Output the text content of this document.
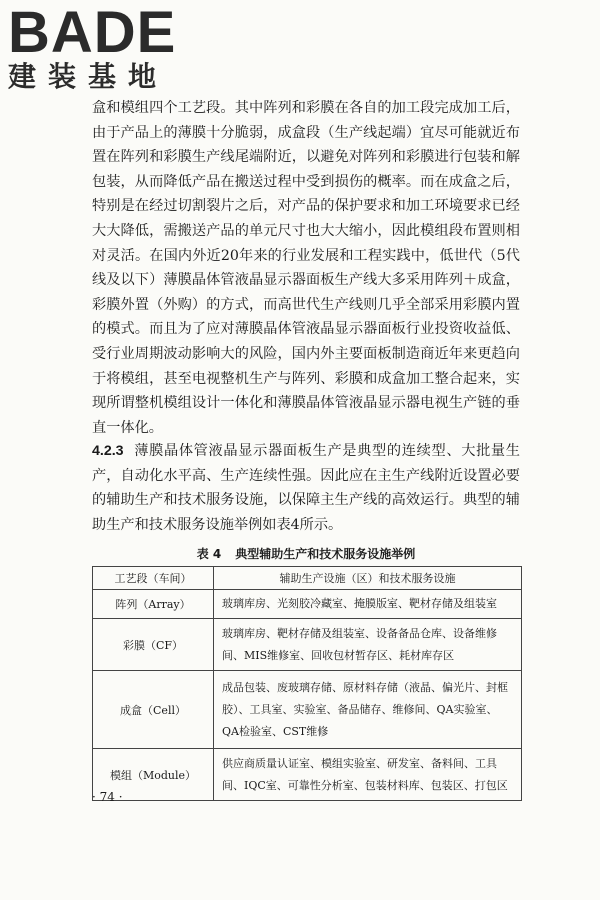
BADE
建装基地
盒和模组四个工艺段。其中阵列和彩膜在各自的加工段完成加工后，由于产品上的薄膜十分脆弱，成盒段（生产线起端）宜尽可能就近布置在阵列和彩膜生产线尾端附近，以避免对阵列和彩膜进行包装和解包装，从而降低产品在搬送过程中受到损伤的概率。而在成盒之后，特别是在经过切割裂片之后，对产品的保护要求和加工环境要求已经大大降低，需搬送产品的单元尺寸也大大缩小，因此模组段布置则相对灵活。在国内外近20年来的行业发展和工程实践中，低世代（5代线及以下）薄膜晶体管液晶显示器面板生产线大多采用阵列＋成盒，彩膜外置（外购）的方式，而高世代生产线则几乎全部采用彩膜内置的模式。而且为了应对薄膜晶体管液晶显示器面板行业投资收益低、受行业周期波动影响大的风险，国内外主要面板制造商近年来更趋向于将模组，甚至电视整机生产与阵列、彩膜和成盒加工整合起来，实现所谓整机模组设计一体化和薄膜晶体管液晶显示器电视生产链的垂直一体化。
4.2.3 薄膜晶体管液晶显示器面板生产是典型的连续型、大批量生产，自动化水平高、生产连续性强。因此应在主生产线附近设置必要的辅助生产和技术服务设施，以保障主生产线的高效运行。典型的辅助生产和技术服务设施举例如表4所示。
表 4 典型辅助生产和技术服务设施举例
工艺段（车间）	辅助生产设施（区）和技术服务设施
阵列（Array）	玻璃库房、光刻胶冷藏室、掩膜版室、靶材存储及组装室
彩膜（CF）	玻璃库房、靶材存储及组装室、设备备品仓库、设备维修间、MIS维修室、回收包材暂存区、耗材库存区
成盒（Cell）	成品包装、废玻璃存储、原材料存储（液晶、偏光片、封框胶）、工具室、实验室、备品储存、维修间、QA实验室、QA检验室、CST维修
模组（Module）	供应商质量认证室、模组实验室、研发室、备料间、工具间、IQC室、可靠性分析室、包装材料库、包装区、打包区
· 74 ·
